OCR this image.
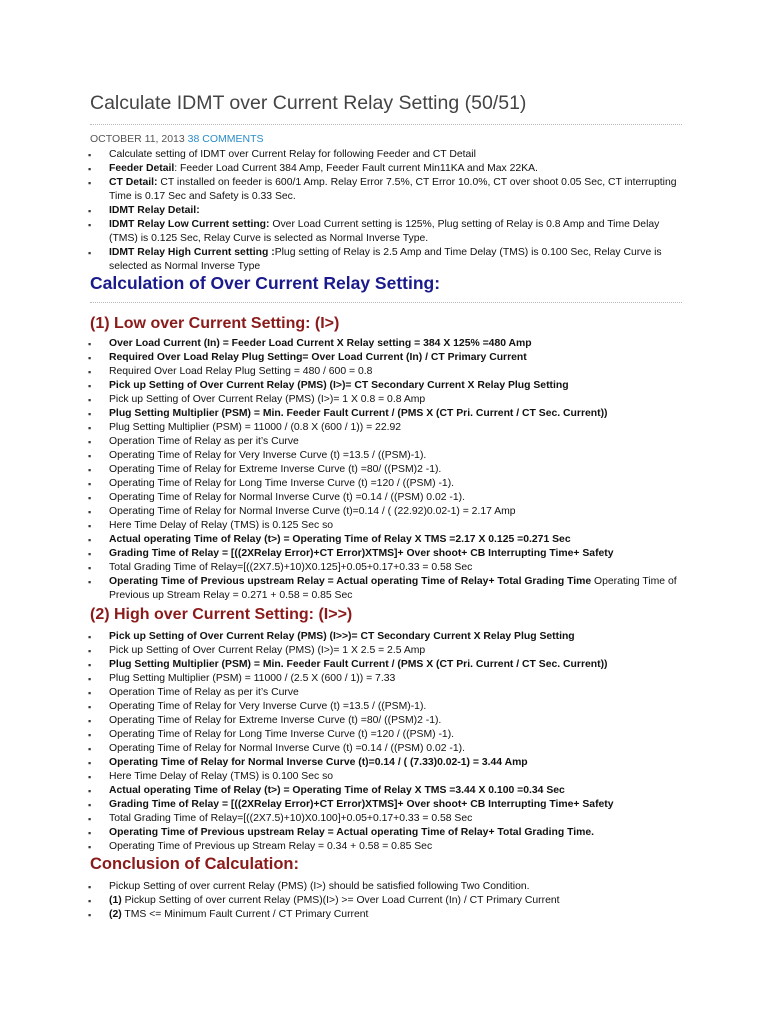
Calculate IDMT over Current Relay Setting (50/51)
OCTOBER 11, 2013 38 COMMENTS
▪ Calculate setting of IDMT over Current Relay for following Feeder and CT Detail
▪ Feeder Detail: Feeder Load Current 384 Amp, Feeder Fault current Min11KA and Max 22KA.
▪ CT Detail: CT installed on feeder is 600/1 Amp. Relay Error 7.5%, CT Error 10.0%, CT over shoot 0.05 Sec, CT interrupting Time is 0.17 Sec and Safety is 0.33 Sec.
▪ IDMT Relay Detail:
▪ IDMT Relay Low Current setting: Over Load Current setting is 125%, Plug setting of Relay is 0.8 Amp and Time Delay (TMS) is 0.125 Sec, Relay Curve is selected as Normal Inverse Type.
▪ IDMT Relay High Current setting :Plug setting of Relay is 2.5 Amp and Time Delay (TMS) is 0.100 Sec, Relay Curve is selected as Normal Inverse Type
Calculation of Over Current Relay Setting:
(1) Low over Current Setting: (I>)
▪ Over Load Current (In) = Feeder Load Current X Relay setting = 384 X 125% =480 Amp
▪ Required Over Load Relay Plug Setting= Over Load Current (In) / CT Primary Current
▪ Required Over Load Relay Plug Setting = 480 / 600 = 0.8
▪ Pick up Setting of Over Current Relay (PMS) (I>)= CT Secondary Current X Relay Plug Setting
▪ Pick up Setting of Over Current Relay (PMS) (I>)= 1 X 0.8 = 0.8 Amp
▪ Plug Setting Multiplier (PSM) = Min. Feeder Fault Current / (PMS X (CT Pri. Current / CT Sec. Current))
▪ Plug Setting Multiplier (PSM) = 11000 / (0.8 X (600 / 1)) = 22.92
▪ Operation Time of Relay as per it’s Curve
▪ Operating Time of Relay for Very Inverse Curve (t) =13.5 / ((PSM)-1).
▪ Operating Time of Relay for Extreme Inverse Curve (t) =80/ ((PSM)2 -1).
▪ Operating Time of Relay for Long Time Inverse Curve (t) =120 / ((PSM) -1).
▪ Operating Time of Relay for Normal Inverse Curve (t) =0.14 / ((PSM) 0.02 -1).
▪ Operating Time of Relay for Normal Inverse Curve (t)=0.14 / ( (22.92)0.02-1) = 2.17 Amp
▪ Here Time Delay of Relay (TMS) is 0.125 Sec so
▪ Actual operating Time of Relay (t>) = Operating Time of Relay X TMS =2.17 X 0.125 =0.271 Sec
▪ Grading Time of Relay = [((2XRelay Error)+CT Error)XTMS]+ Over shoot+ CB Interrupting Time+ Safety
▪ Total Grading Time of Relay=[((2X7.5)+10)X0.125]+0.05+0.17+0.33 = 0.58 Sec
▪ Operating Time of Previous upstream Relay = Actual operating Time of Relay+ Total Grading Time Operating Time of Previous up Stream Relay = 0.271 + 0.58 = 0.85 Sec
(2) High over Current Setting: (I>>)
▪ Pick up Setting of Over Current Relay (PMS) (I>>)= CT Secondary Current X Relay Plug Setting
▪ Pick up Setting of Over Current Relay (PMS) (I>)= 1 X 2.5 = 2.5 Amp
▪ Plug Setting Multiplier (PSM) = Min. Feeder Fault Current / (PMS X (CT Pri. Current / CT Sec. Current))
▪ Plug Setting Multiplier (PSM) = 11000 / (2.5 X (600 / 1)) = 7.33
▪ Operation Time of Relay as per it’s Curve
▪ Operating Time of Relay for Very Inverse Curve (t) =13.5 / ((PSM)-1).
▪ Operating Time of Relay for Extreme Inverse Curve (t) =80/ ((PSM)2 -1).
▪ Operating Time of Relay for Long Time Inverse Curve (t) =120 / ((PSM) -1).
▪ Operating Time of Relay for Normal Inverse Curve (t) =0.14 / ((PSM) 0.02 -1).
▪ Operating Time of Relay for Normal Inverse Curve (t)=0.14 / ( (7.33)0.02-1) = 3.44 Amp
▪ Here Time Delay of Relay (TMS) is 0.100 Sec so
▪ Actual operating Time of Relay (t>) = Operating Time of Relay X TMS =3.44 X 0.100 =0.34 Sec
▪ Grading Time of Relay = [((2XRelay Error)+CT Error)XTMS]+ Over shoot+ CB Interrupting Time+ Safety
▪ Total Grading Time of Relay=[((2X7.5)+10)X0.100]+0.05+0.17+0.33 = 0.58 Sec
▪ Operating Time of Previous upstream Relay = Actual operating Time of Relay+ Total Grading Time.
▪ Operating Time of Previous up Stream Relay = 0.34 + 0.58 = 0.85 Sec
Conclusion of Calculation:
▪ Pickup Setting of over current Relay (PMS) (I>) should be satisfied following Two Condition.
▪ (1) Pickup Setting of over current Relay (PMS)(I>) >= Over Load Current (In) / CT Primary Current
▪ (2) TMS <= Minimum Fault Current / CT Primary Current
